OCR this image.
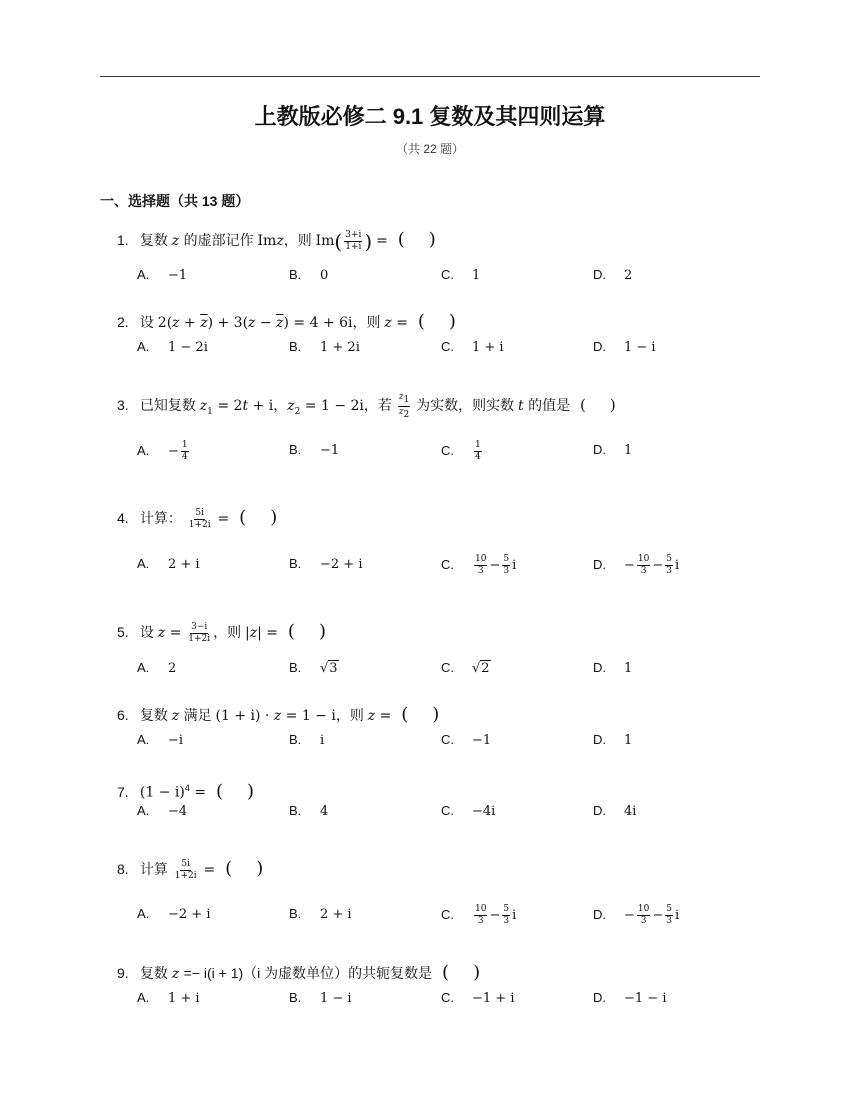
上教版必修二 9.1 复数及其四则运算
（共 22 题）
一、选择题（共 13 题）
1. 复数 z 的虚部记作 Imz，则 $Im( \frac{3+i}{1+i}$ ) = ( )
A. −1	B. 0	C. 1	D. 2
2. 设 $2(z + \overline{z}) + 3(z - \overline{z}) = 4 + 6i$，则 z = ( )
A. 1 − 2i	B. 1 + 2i	C. 1 + i	D. 1 − i
3. 已知复数 $z_1 = 2t + i$，$z_2 = 1 - 2i$，若 $\frac{z_1}{z_2}$ 为实数，则实数 t 的值是 ( )
A. − $\frac{1}{4}$	B. −1	C. $\frac{1}{4}$	D. 1
4. 计算： $\frac{5i}{1+2i}$ = ( )
A. 2 + i	B. −2 + i	C. $\frac{10}{3} - \frac{5}{3}$ i	D. − $\frac{10}{3} - \frac{5}{3}$ i
5. 设 $z = \frac{3-i}{1+2i}$ ，则 |z| = ( )
A. 2	B. √3	C. √2	D. 1
6. 复数 z 满足 (1 + i) · z = 1 − i，则 z = ( )
A. −i	B. i	C. −1	D. 1
7. $(1 - i)^4$ = ( )
A. −4	B. 4	C. −4i	D. 4i
8. 计算 $\frac{5i}{1+2i}$ = ( )
A. −2 + i	B. 2 + i	C. $\frac{10}{3} - \frac{5}{3}$ i	D. − $\frac{10}{3} - \frac{5}{3}$ i
9. 复数 z =− i(i + 1)（i 为虚数单位）的共轭复数是 ( )
A. 1 + i	B. 1 − i	C. −1 + i	D. −1 − i
